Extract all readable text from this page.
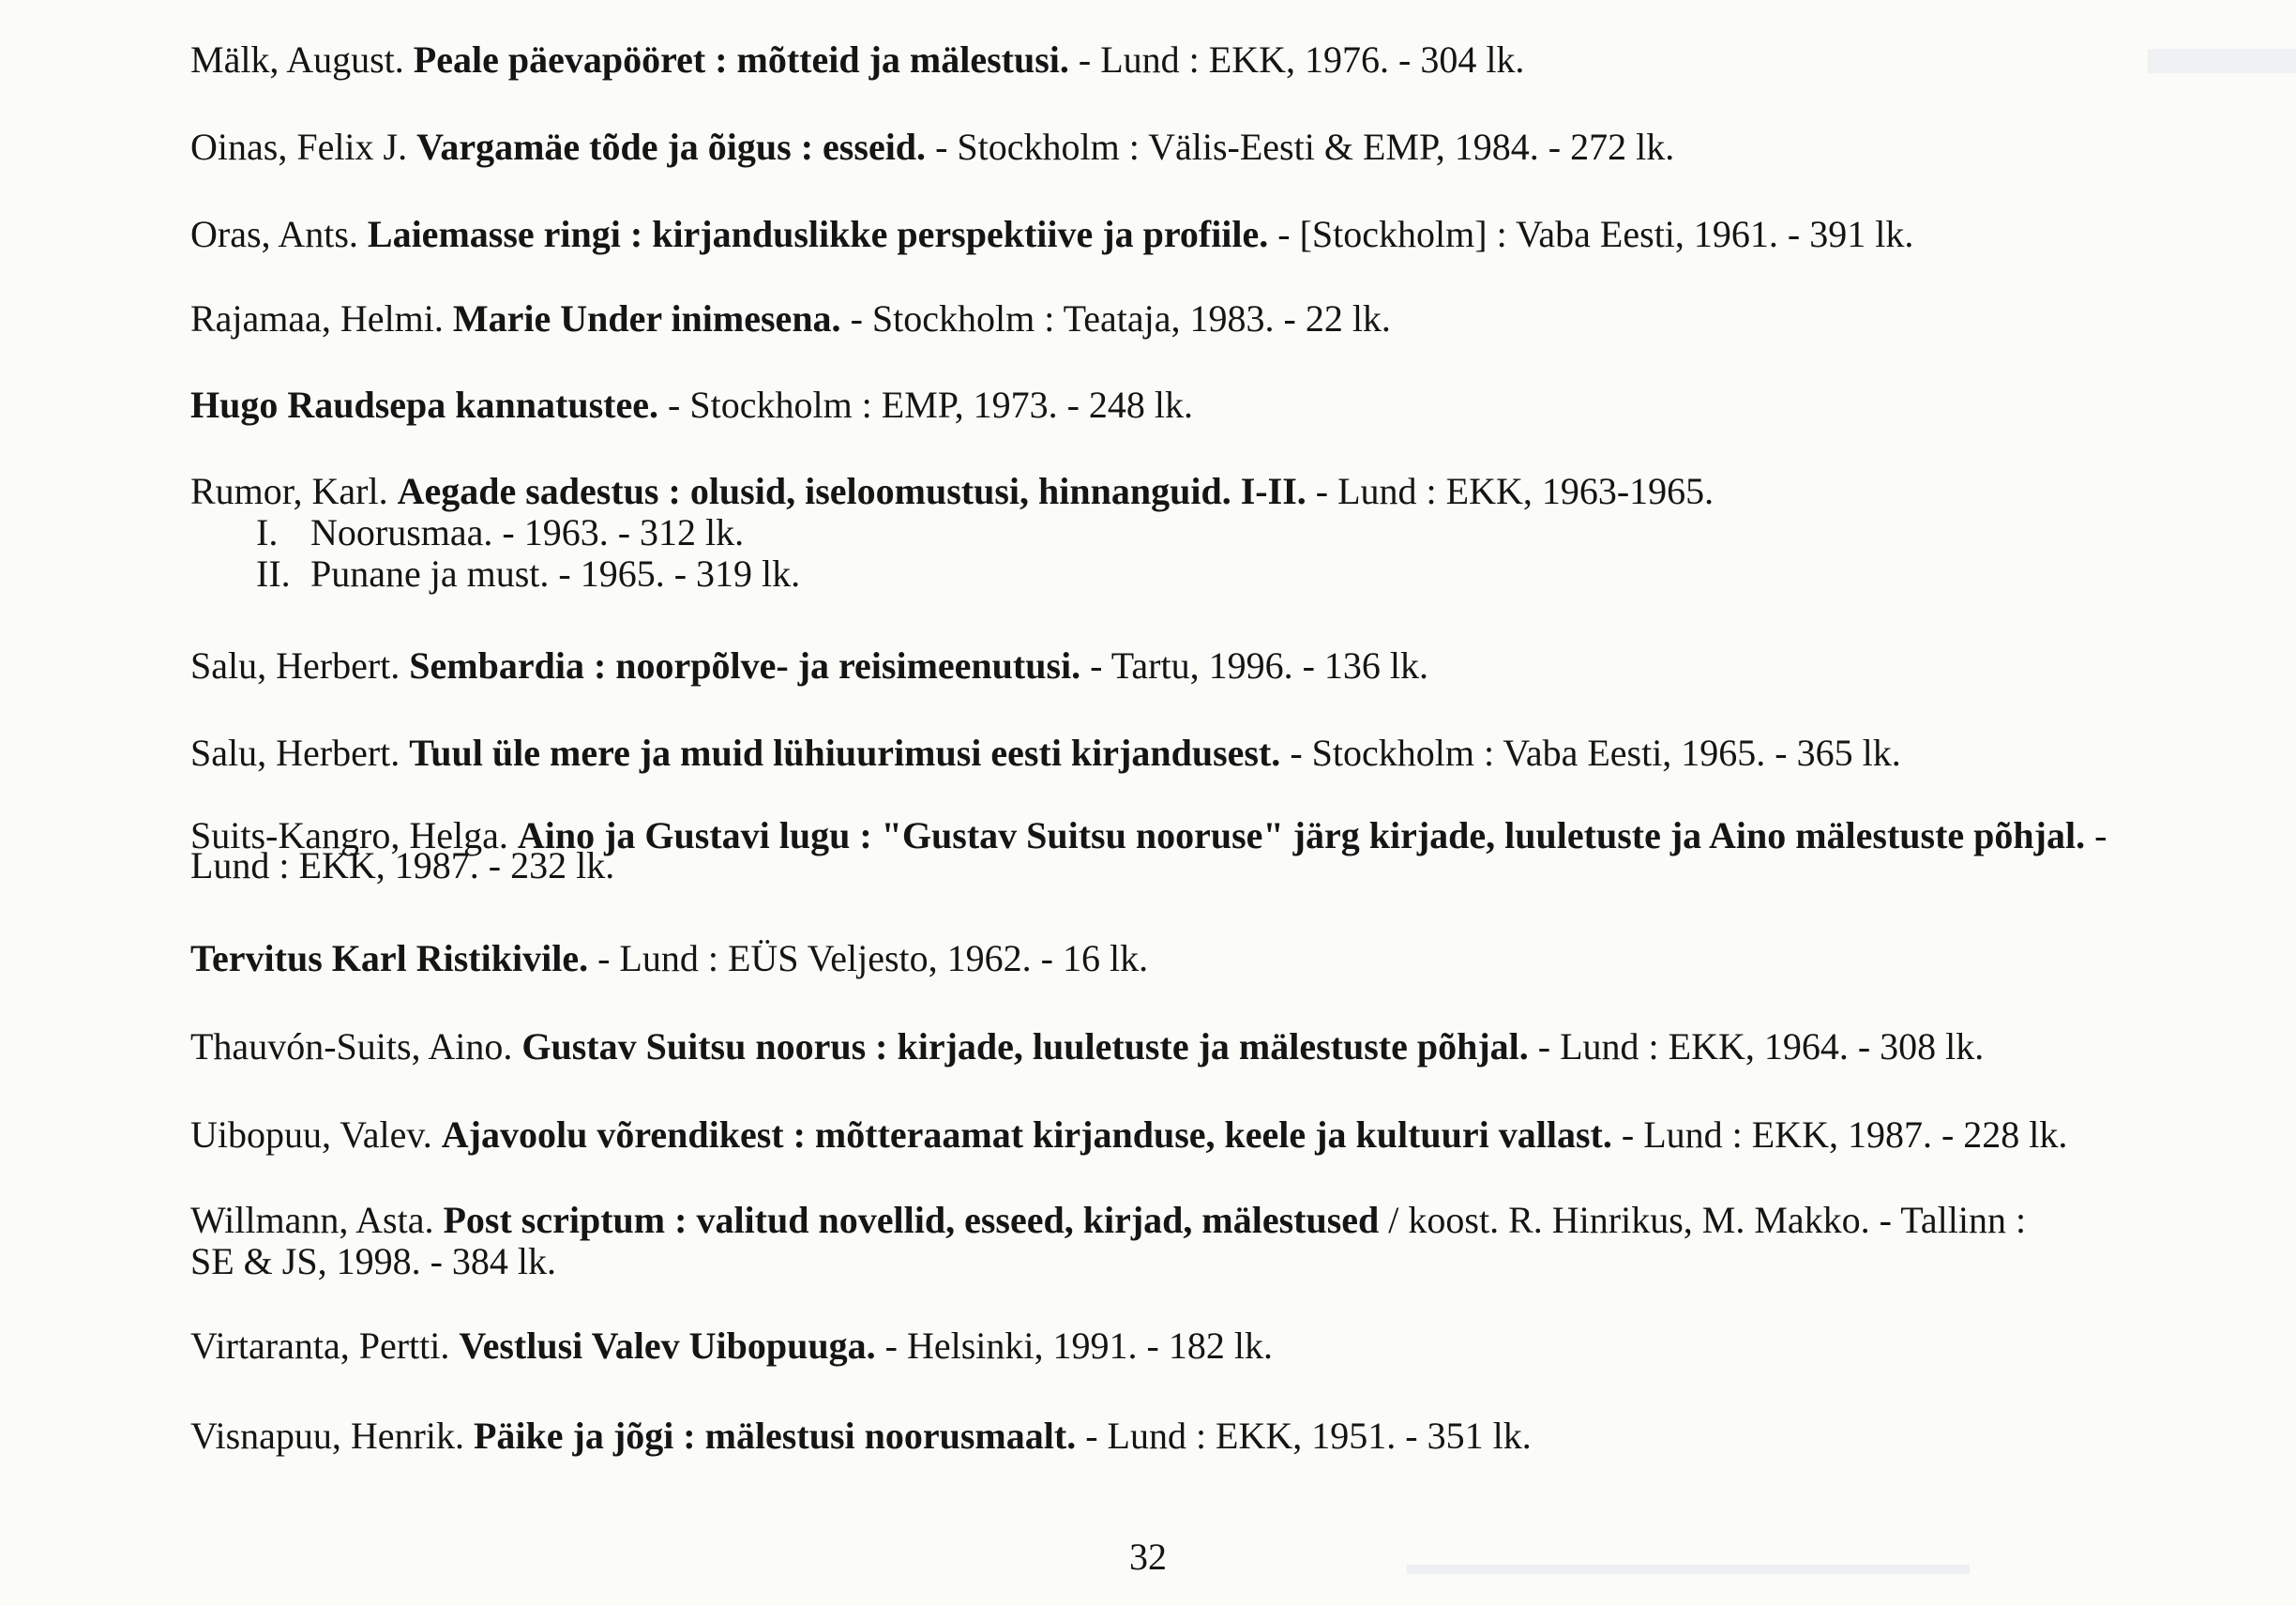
Mälk, August. Peale päevapööret : mõtteid ja mälestusi. - Lund : EKK, 1976. - 304 lk.
Oinas, Felix J. Vargamäe tõde ja õigus : esseid. - Stockholm : Välis-Eesti & EMP, 1984. - 272 lk.
Oras, Ants. Laiemasse ringi : kirjanduslikke perspektiive ja profiile. - [Stockholm] : Vaba Eesti, 1961. - 391 lk.
Rajamaa, Helmi. Marie Under inimesena. - Stockholm : Teataja, 1983. - 22 lk.
Hugo Raudsepa kannatustee. - Stockholm : EMP, 1973. - 248 lk.
Rumor, Karl. Aegade sadestus : olusid, iseloomustusi, hinnanguid. I-II. - Lund : EKK, 1963-1965.
I. Noorusmaa. - 1963. - 312 lk.
II. Punane ja must. - 1965. - 319 lk.
Salu, Herbert. Sembardia : noorpõlve- ja reisimeenutusi. - Tartu, 1996. - 136 lk.
Salu, Herbert. Tuul üle mere ja muid lühiuurimusi eesti kirjandusest. - Stockholm : Vaba Eesti, 1965. - 365 lk.
Suits-Kangro, Helga. Aino ja Gustavi lugu : "Gustav Suitsu nooruse" järg kirjade, luuletuste ja Aino mälestuste põhjal. -
Lund : EKK, 1987. - 232 lk.
Tervitus Karl Ristikivile. - Lund : EÜS Veljesto, 1962. - 16 lk.
Thauvón-Suits, Aino. Gustav Suitsu noorus : kirjade, luuletuste ja mälestuste põhjal. - Lund : EKK, 1964. - 308 lk.
Uibopuu, Valev. Ajavoolu võrendikest : mõtteraamat kirjanduse, keele ja kultuuri vallast. - Lund : EKK, 1987. - 228 lk.
Willmann, Asta. Post scriptum : valitud novellid, esseed, kirjad, mälestused / koost. R. Hinrikus, M. Makko. - Tallinn :
SE & JS, 1998. - 384 lk.
Virtaranta, Pertti. Vestlusi Valev Uibopuuga. - Helsinki, 1991. - 182 lk.
Visnapuu, Henrik. Päike ja jõgi : mälestusi noorusmaalt. - Lund : EKK, 1951. - 351 lk.
32
